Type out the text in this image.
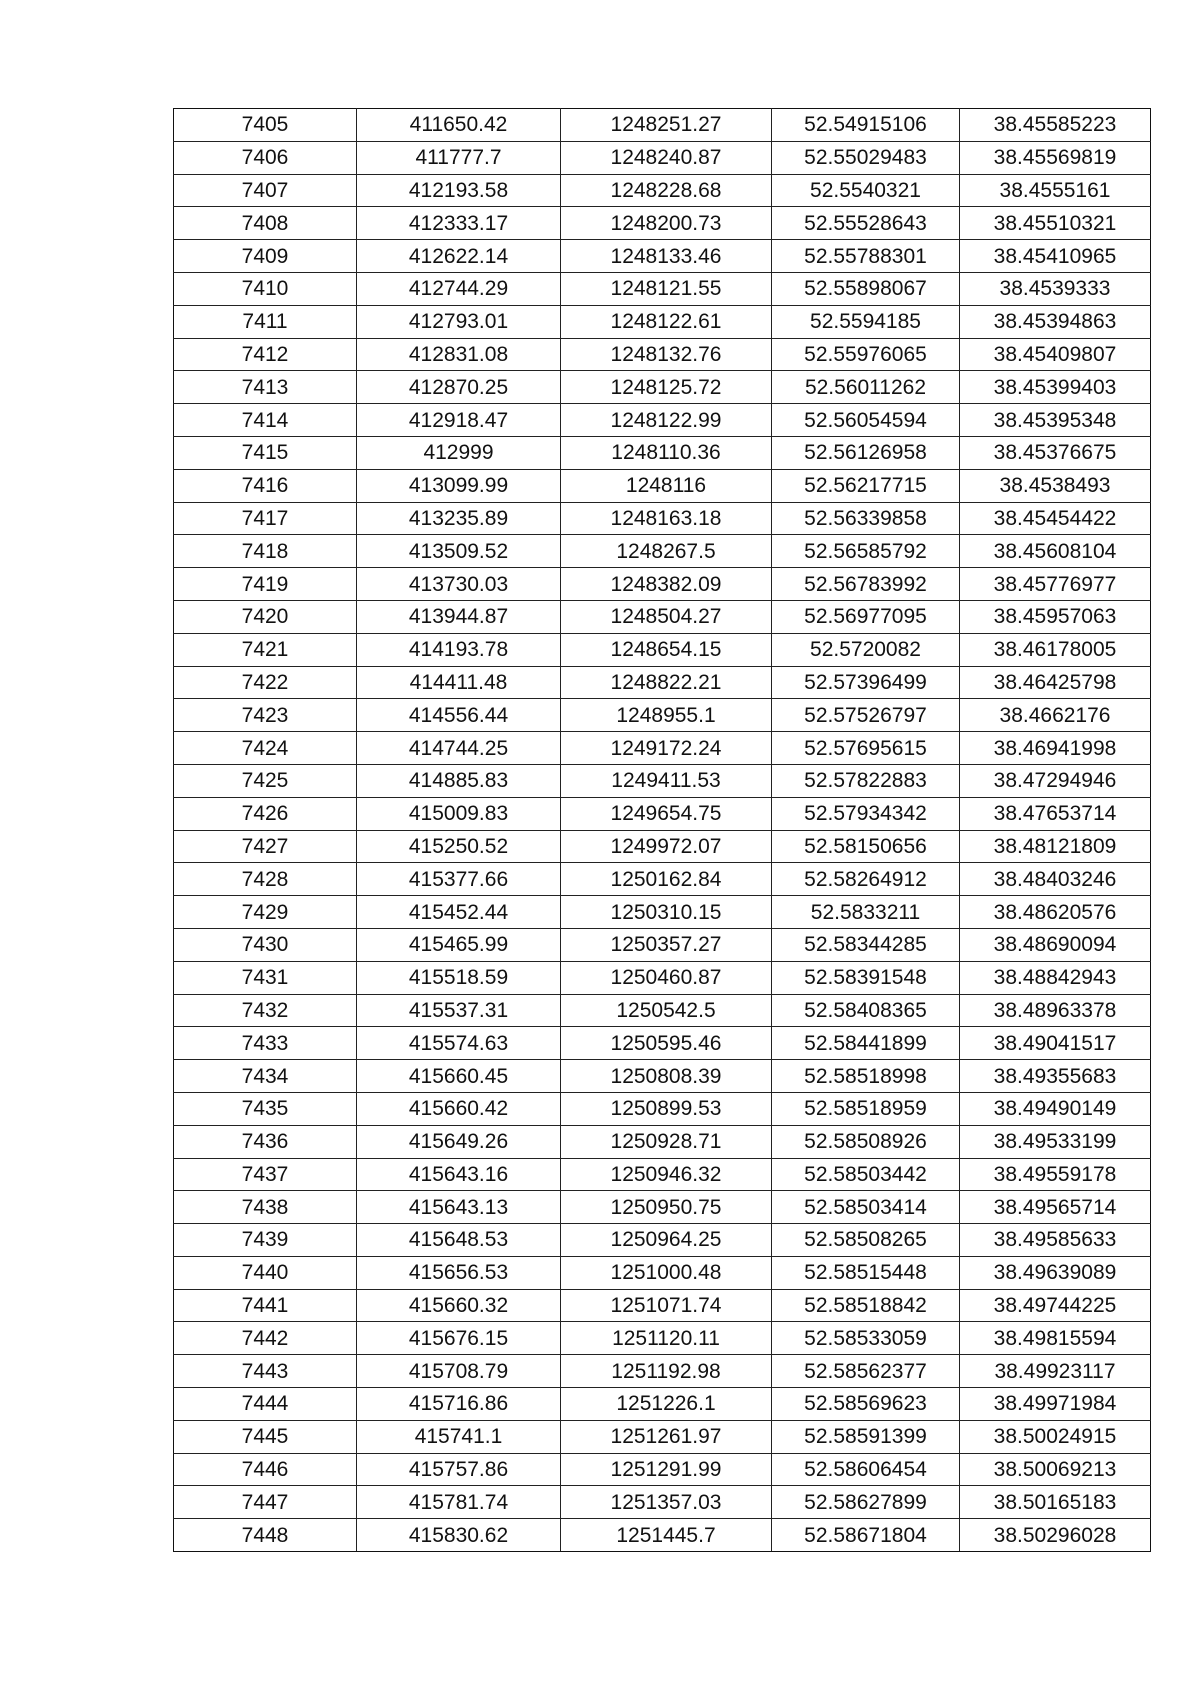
7405	411650.42	1248251.27	52.54915106	38.45585223
7406	411777.7	1248240.87	52.55029483	38.45569819
7407	412193.58	1248228.68	52.5540321	38.4555161
7408	412333.17	1248200.73	52.55528643	38.45510321
7409	412622.14	1248133.46	52.55788301	38.45410965
7410	412744.29	1248121.55	52.55898067	38.4539333
7411	412793.01	1248122.61	52.5594185	38.45394863
7412	412831.08	1248132.76	52.55976065	38.45409807
7413	412870.25	1248125.72	52.56011262	38.45399403
7414	412918.47	1248122.99	52.56054594	38.45395348
7415	412999	1248110.36	52.56126958	38.45376675
7416	413099.99	1248116	52.56217715	38.4538493
7417	413235.89	1248163.18	52.56339858	38.45454422
7418	413509.52	1248267.5	52.56585792	38.45608104
7419	413730.03	1248382.09	52.56783992	38.45776977
7420	413944.87	1248504.27	52.56977095	38.45957063
7421	414193.78	1248654.15	52.5720082	38.46178005
7422	414411.48	1248822.21	52.57396499	38.46425798
7423	414556.44	1248955.1	52.57526797	38.4662176
7424	414744.25	1249172.24	52.57695615	38.46941998
7425	414885.83	1249411.53	52.57822883	38.47294946
7426	415009.83	1249654.75	52.57934342	38.47653714
7427	415250.52	1249972.07	52.58150656	38.48121809
7428	415377.66	1250162.84	52.58264912	38.48403246
7429	415452.44	1250310.15	52.5833211	38.48620576
7430	415465.99	1250357.27	52.58344285	38.48690094
7431	415518.59	1250460.87	52.58391548	38.48842943
7432	415537.31	1250542.5	52.58408365	38.48963378
7433	415574.63	1250595.46	52.58441899	38.49041517
7434	415660.45	1250808.39	52.58518998	38.49355683
7435	415660.42	1250899.53	52.58518959	38.49490149
7436	415649.26	1250928.71	52.58508926	38.49533199
7437	415643.16	1250946.32	52.58503442	38.49559178
7438	415643.13	1250950.75	52.58503414	38.49565714
7439	415648.53	1250964.25	52.58508265	38.49585633
7440	415656.53	1251000.48	52.58515448	38.49639089
7441	415660.32	1251071.74	52.58518842	38.49744225
7442	415676.15	1251120.11	52.58533059	38.49815594
7443	415708.79	1251192.98	52.58562377	38.49923117
7444	415716.86	1251226.1	52.58569623	38.49971984
7445	415741.1	1251261.97	52.58591399	38.50024915
7446	415757.86	1251291.99	52.58606454	38.50069213
7447	415781.74	1251357.03	52.58627899	38.50165183
7448	415830.62	1251445.7	52.58671804	38.50296028
